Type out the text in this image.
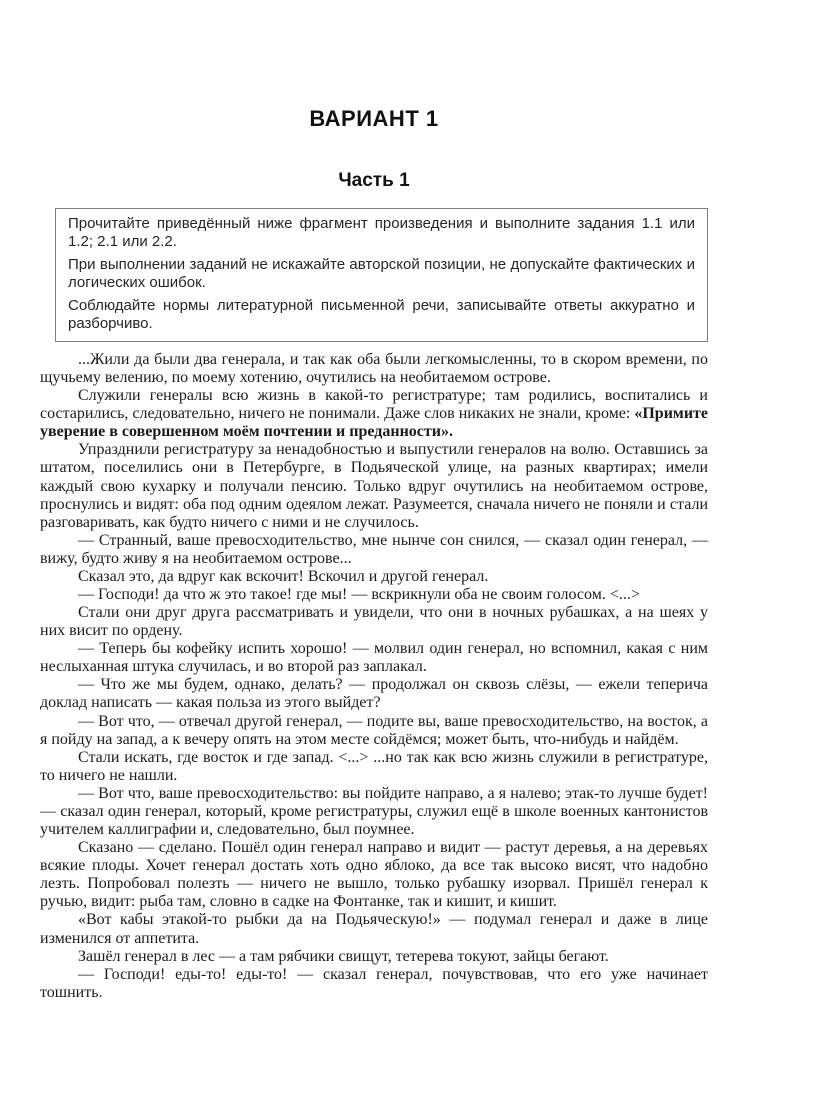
ВАРИАНТ 1
Часть 1

Прочитайте приведённый ниже фрагмент произведения и выполните задания 1.1 или 1.2; 2.1 или 2.2.

При выполнении заданий не искажайте авторской позиции, не допускайте фактических и логических ошибок.

Соблюдайте нормы литературной письменной речи, записывайте ответы аккуратно и разборчиво.

...Жили да были два генерала, и так как оба были легкомысленны, то в скором времени, по щучьему велению, по моему хотению, очутились на необитаемом острове.

Служили генералы всю жизнь в какой-то регистратуре; там родились, воспитались и состарились, следовательно, ничего не понимали. Даже слов никаких не знали, кроме: «Примите уверение в совершенном моём почтении и преданности».

Упразднили регистратуру за ненадобностью и выпустили генералов на волю. Оставшись за штатом, поселились они в Петербурге, в Подьяческой улице, на разных квартирах; имели каждый свою кухарку и получали пенсию. Только вдруг очутились на необитаемом острове, проснулись и видят: оба под одним одеялом лежат. Разумеется, сначала ничего не поняли и стали разговаривать, как будто ничего с ними и не случилось.

— Странный, ваше превосходительство, мне нынче сон снился, — сказал один генерал, — вижу, будто живу я на необитаемом острове...

Сказал это, да вдруг как вскочит! Вскочил и другой генерал.

— Господи! да что ж это такое! где мы! — вскрикнули оба не своим голосом. <...>

Стали они друг друга рассматривать и увидели, что они в ночных рубашках, а на шеях у них висит по ордену.

— Теперь бы кофейку испить хорошо! — молвил один генерал, но вспомнил, какая с ним неслыханная штука случилась, и во второй раз заплакал.

— Что же мы будем, однако, делать? — продолжал он сквозь слёзы, — ежели теперича доклад написать — какая польза из этого выйдет?

— Вот что, — отвечал другой генерал, — подите вы, ваше превосходительство, на восток, а я пойду на запад, а к вечеру опять на этом месте сойдёмся; может быть, что-нибудь и найдём.

Стали искать, где восток и где запад. <...> ...но так как всю жизнь служили в регистратуре, то ничего не нашли.

— Вот что, ваше превосходительство: вы пойдите направо, а я налево; этак-то лучше будет! — сказал один генерал, который, кроме регистратуры, служил ещё в школе военных кантонистов учителем каллиграфии и, следовательно, был поумнее.

Сказано — сделано. Пошёл один генерал направо и видит — растут деревья, а на деревьях всякие плоды. Хочет генерал достать хоть одно яблоко, да все так высоко висят, что надобно лезть. Попробовал полезть — ничего не вышло, только рубашку изорвал. Пришёл генерал к ручью, видит: рыба там, словно в садке на Фонтанке, так и кишит, и кишит.

«Вот кабы этакой-то рыбки да на Подьяческую!» — подумал генерал и даже в лице изменился от аппетита.

Зашёл генерал в лес — а там рябчики свищут, тетерева токуют, зайцы бегают.

— Господи! еды-то! еды-то! — сказал генерал, почувствовав, что его уже начинает тошнить.
